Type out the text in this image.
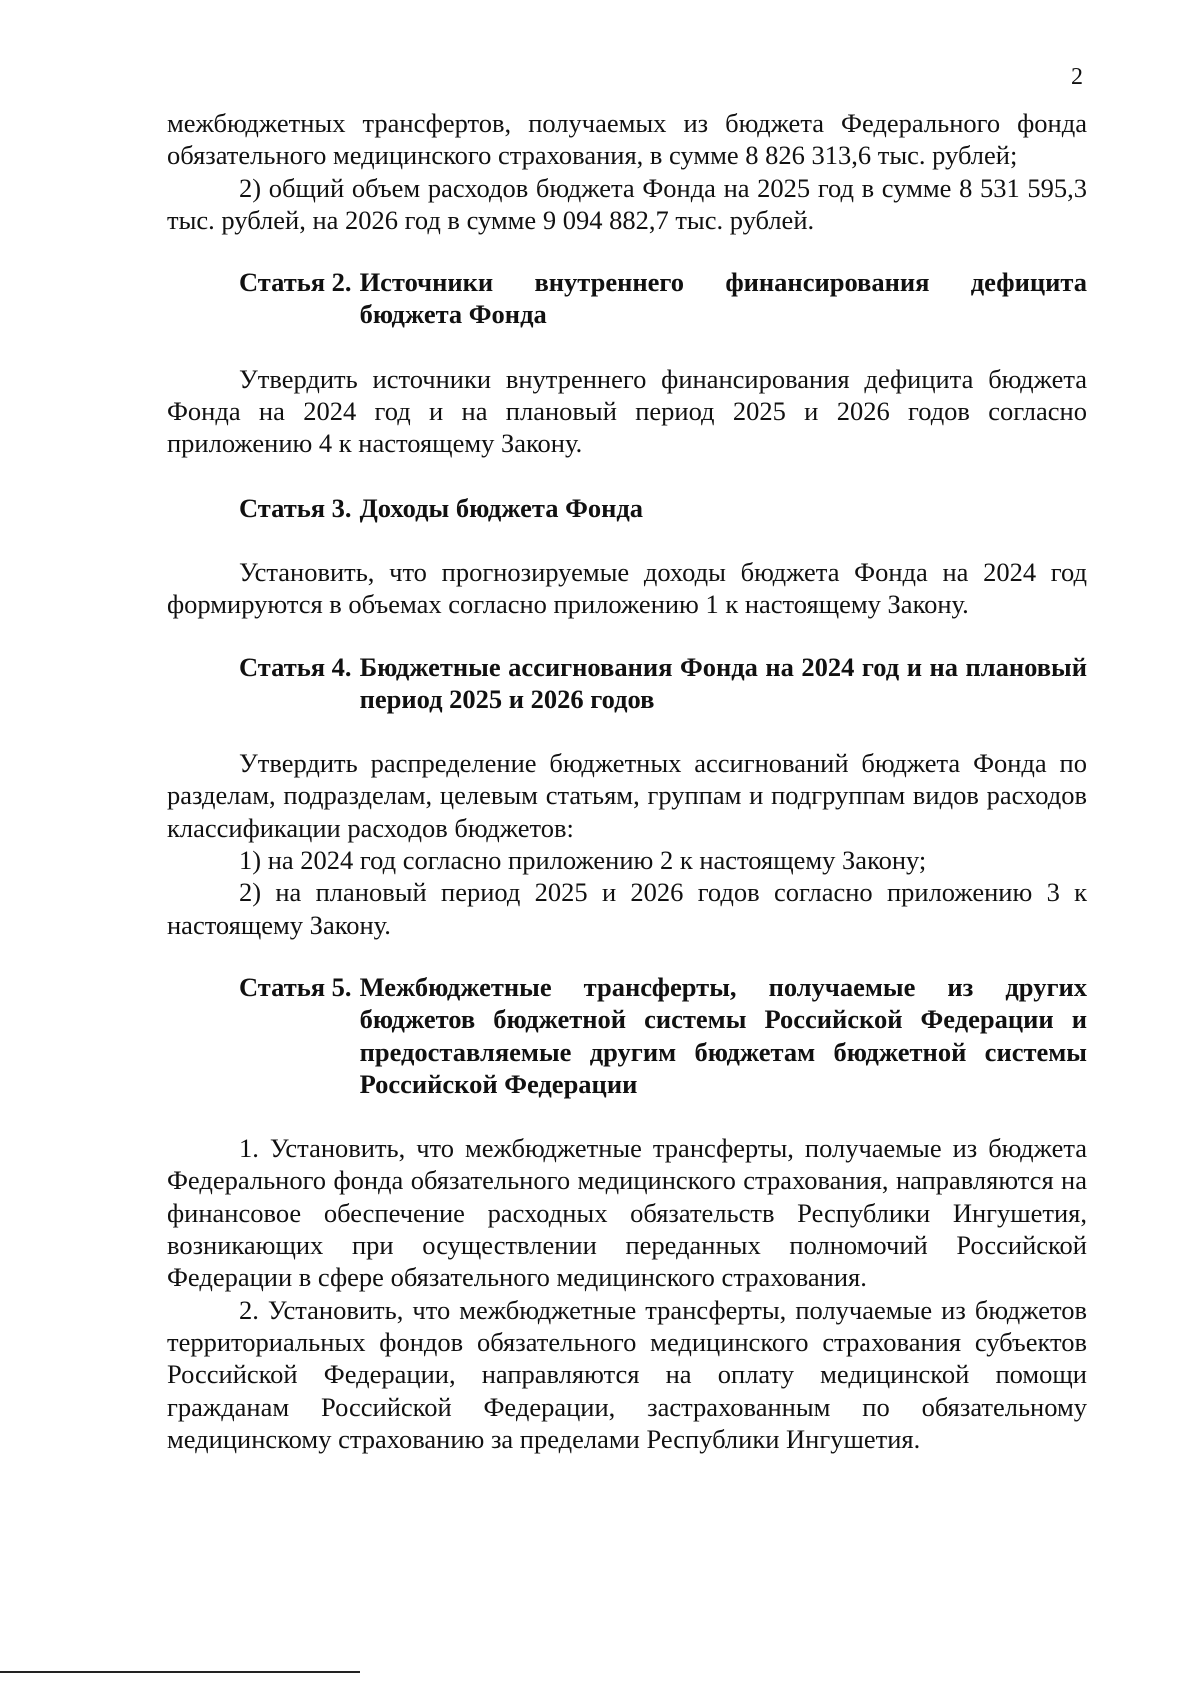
2

межбюджетных трансфертов, получаемых из бюджета Федерального фонда обязательного медицинского страхования, в сумме 8 826 313,6 тыс. рублей;

2) общий объем расходов бюджета Фонда на 2025 год в сумме 8 531 595,3 тыс. рублей, на 2026 год в сумме 9 094 882,7 тыс. рублей.

Статья 2. Источники внутреннего финансирования дефицита бюджета Фонда

Утвердить источники внутреннего финансирования дефицита бюджета Фонда на 2024 год и на плановый период 2025 и 2026 годов согласно приложению 4 к настоящему Закону.

Статья 3. Доходы бюджета Фонда

Установить, что прогнозируемые доходы бюджета Фонда на 2024 год формируются в объемах согласно приложению 1 к настоящему Закону.

Статья 4. Бюджетные ассигнования Фонда на 2024 год и на плановый период 2025 и 2026 годов

Утвердить распределение бюджетных ассигнований бюджета Фонда по разделам, подразделам, целевым статьям, группам и подгруппам видов расходов классификации расходов бюджетов:

1) на 2024 год согласно приложению 2 к настоящему Закону;

2) на плановый период 2025 и 2026 годов согласно приложению 3 к настоящему Закону.

Статья 5. Межбюджетные трансферты, получаемые из других бюджетов бюджетной системы Российской Федерации и предоставляемые другим бюджетам бюджетной системы Российской Федерации

1. Установить, что межбюджетные трансферты, получаемые из бюджета Федерального фонда обязательного медицинского страхования, направляются на финансовое обеспечение расходных обязательств Республики Ингушетия, возникающих при осуществлении переданных полномочий Российской Федерации в сфере обязательного медицинского страхования.

2. Установить, что межбюджетные трансферты, получаемые из бюджетов территориальных фондов обязательного медицинского страхования субъектов Российской Федерации, направляются на оплату медицинской помощи гражданам Российской Федерации, застрахованным по обязательному медицинскому страхованию за пределами Республики Ингушетия.
